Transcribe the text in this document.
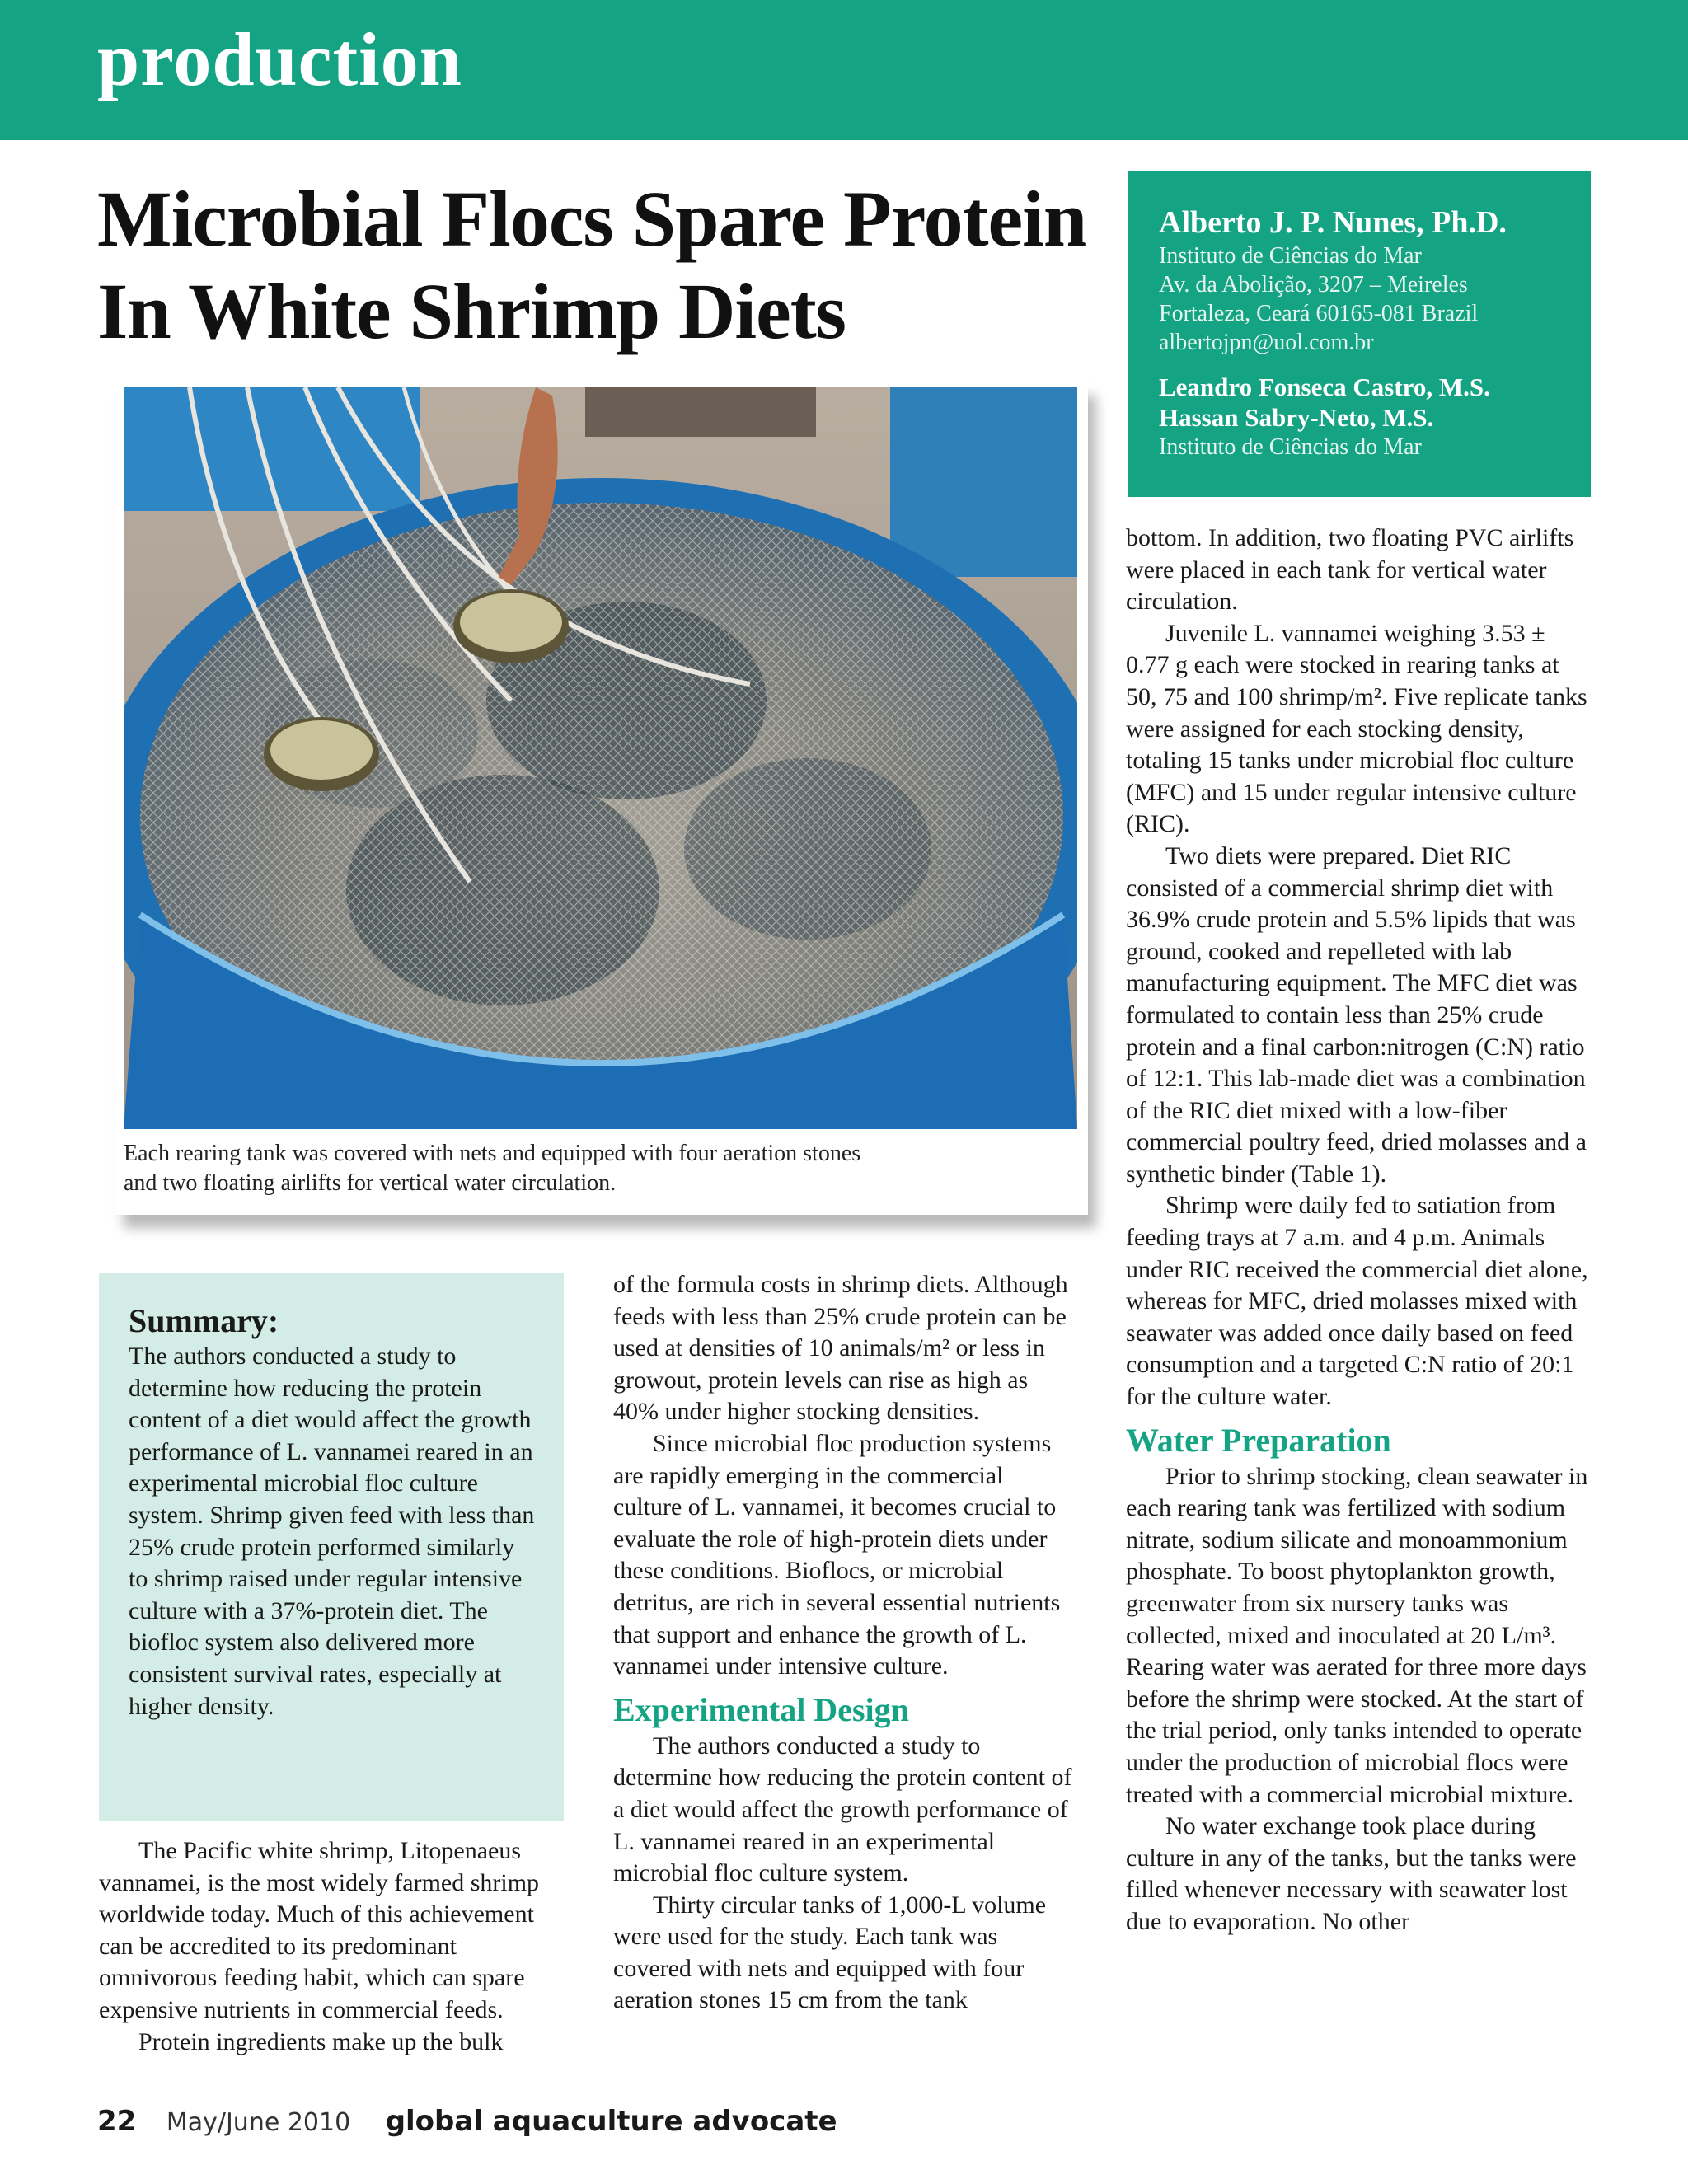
production
Microbial Flocs Spare Protein
In White Shrimp Diets
Alberto J. P. Nunes, Ph.D.
Instituto de Ciências do Mar
Av. da Abolição, 3207 – Meireles
Fortaleza, Ceará 60165-081 Brazil
albertojpn@uol.com.br
Leandro Fonseca Castro, M.S.
Hassan Sabry-Neto, M.S.
Instituto de Ciências do Mar
Each rearing tank was covered with nets and equipped with four aeration stones
and two floating airlifts for vertical water circulation.
Summary:
The authors conducted a study to determine how reducing the protein content of a diet would affect the growth performance of L. vannamei reared in an experimental microbial floc culture system. Shrimp given feed with less than 25% crude protein performed similarly to shrimp raised under regular intensive culture with a 37%-protein diet. The biofloc system also delivered more consistent survival rates, especially at higher density.

The Pacific white shrimp, Litopenaeus vannamei, is the most widely farmed shrimp worldwide today. Much of this achievement can be accredited to its predominant omnivorous feeding habit, which can spare expensive nutrients in commercial feeds.

Protein ingredients make up the bulk

of the formula costs in shrimp diets. Although feeds with less than 25% crude protein can be used at densities of 10 animals/m² or less in growout, protein levels can rise as high as 40% under higher stocking densities.

Since microbial floc production systems are rapidly emerging in the commercial culture of L. vannamei, it becomes crucial to evaluate the role of high-protein diets under these conditions. Bioflocs, or microbial detritus, are rich in several essential nutrients that support and enhance the growth of L. vannamei under intensive culture.

Experimental Design

The authors conducted a study to determine how reducing the protein content of a diet would affect the growth performance of L. vannamei reared in an experimental microbial floc culture system.

Thirty circular tanks of 1,000-L volume were used for the study. Each tank was covered with nets and equipped with four aeration stones 15 cm from the tank

bottom. In addition, two floating PVC airlifts were placed in each tank for vertical water circulation.

Juvenile L. vannamei weighing 3.53 ± 0.77 g each were stocked in rearing tanks at 50, 75 and 100 shrimp/m². Five replicate tanks were assigned for each stocking density, totaling 15 tanks under microbial floc culture (MFC) and 15 under regular intensive culture (RIC).

Two diets were prepared. Diet RIC consisted of a commercial shrimp diet with 36.9% crude protein and 5.5% lipids that was ground, cooked and repelleted with lab manufacturing equipment. The MFC diet was formulated to contain less than 25% crude protein and a final carbon:nitrogen (C:N) ratio of 12:1. This lab-made diet was a combination of the RIC diet mixed with a low-fiber commercial poultry feed, dried molasses and a synthetic binder (Table 1).

Shrimp were daily fed to satiation from feeding trays at 7 a.m. and 4 p.m. Animals under RIC received the commercial diet alone, whereas for MFC, dried molasses mixed with seawater was added once daily based on feed consumption and a targeted C:N ratio of 20:1 for the culture water.

Water Preparation

Prior to shrimp stocking, clean seawater in each rearing tank was fertilized with sodium nitrate, sodium silicate and monoammonium phosphate. To boost phytoplankton growth, greenwater from six nursery tanks was collected, mixed and inoculated at 20 L/m³. Rearing water was aerated for three more days before the shrimp were stocked. At the start of the trial period, only tanks intended to operate under the production of microbial flocs were treated with a commercial microbial mixture.

No water exchange took place during culture in any of the tanks, but the tanks were filled whenever necessary with seawater lost due to evaporation. No other

22 May/June 2010 global aquaculture advocate
